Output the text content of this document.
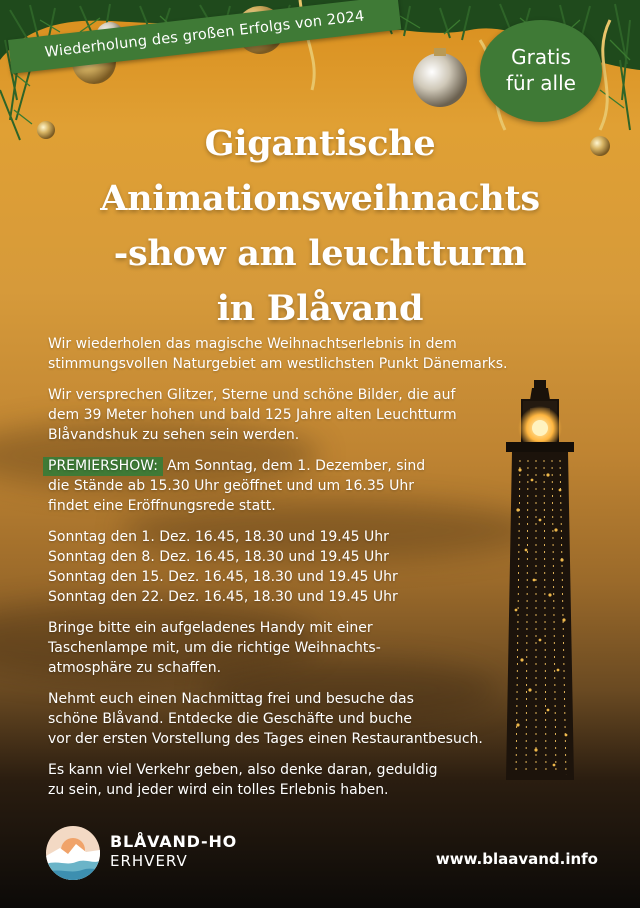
Wiederholung des großen Erfolgs von 2024	Gratis
für alle
Gigantische
Animationsweihnachts
-show am leuchtturm
in Blåvand

Wir wiederholen das magische Weihnachtserlebnis in dem
stimmungsvollen Naturgebiet am westlichsten Punkt Dänemarks.

Wir versprechen Glitzer, Sterne und schöne Bilder, die auf
dem 39 Meter hohen und bald 125 Jahre alten Leuchtturm
Blåvandshuk zu sehen sein werden.

PREMIERSHOW: Am Sonntag, dem 1. Dezember, sind
die Stände ab 15.30 Uhr geöffnet und um 16.35 Uhr
findet eine Eröffnungsrede statt.

Sonntag den 1. Dez. 16.45, 18.30 und 19.45 Uhr
Sonntag den 8. Dez. 16.45, 18.30 und 19.45 Uhr
Sonntag den 15. Dez. 16.45, 18.30 und 19.45 Uhr
Sonntag den 22. Dez. 16.45, 18.30 und 19.45 Uhr

Bringe bitte ein aufgeladenes Handy mit einer
Taschenlampe mit, um die richtige Weihnachts-
atmosphäre zu schaffen.

Nehmt euch einen Nachmittag frei und besuche das
schöne Blåvand. Entdecke die Geschäfte und buche
vor der ersten Vorstellung des Tages einen Restaurantbesuch.

Es kann viel Verkehr geben, also denke daran, geduldig
zu sein, und jeder wird ein tolles Erlebnis haben.

BLÅVAND-HO
ERHVERV	www.blaavand.info
